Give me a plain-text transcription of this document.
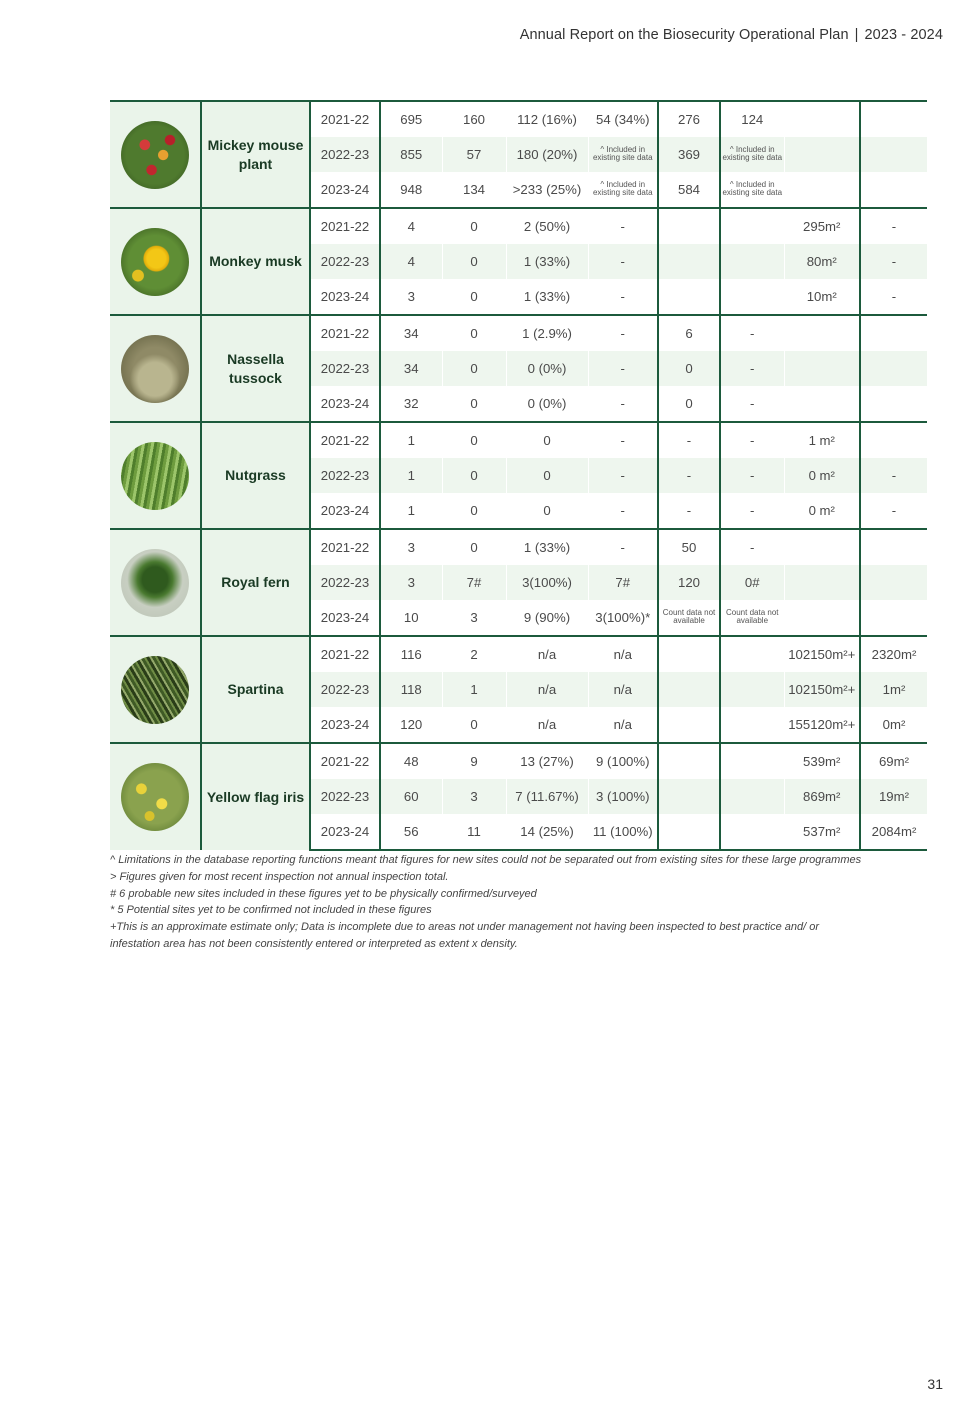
Annual Report on the Biosecurity Operational Plan | 2023 - 2024
	Mickey mouse plant	2021-22	695	160	112 (16%)	54 (34%)	276	124		
		2022-23	855	57	180 (20%)	^ Included in existing site data	369	^ Included in existing site data		
		2023-24	948	134	>233 (25%)	^ Included in existing site data	584	^ Included in existing site data		

	Monkey musk	2021-22	4	0	2 (50%)	-			295m²	-
		2022-23	4	0	1 (33%)	-			80m²	-
		2023-24	3	0	1 (33%)	-			10m²	-

	Nassella tussock	2021-22	34	0	1 (2.9%)	-	6	-		
		2022-23	34	0	0 (0%)	-	0	-		
		2023-24	32	0	0 (0%)	-	0	-		

	Nutgrass	2021-22	1	0	0	-	-	-	1 m²	
		2022-23	1	0	0	-	-	-	0 m²	-
		2023-24	1	0	0	-	-	-	0 m²	-

	Royal fern	2021-22	3	0	1 (33%)	-	50	-		
		2022-23	3	7#	3(100%)	7#	120	0#		
		2023-24	10	3	9 (90%)	3(100%)*	Count data not available	Count data not available		

	Spartina	2021-22	116	2	n/a	n/a			102150m²+	2320m²
		2022-23	118	1	n/a	n/a			102150m²+	1m²
		2023-24	120	0	n/a	n/a			155120m²+	0m²

	Yellow flag iris	2021-22	48	9	13 (27%)	9 (100%)			539m²	69m²
		2022-23	60	3	7 (11.67%)	3 (100%)			869m²	19m²
		2023-24	56	11	14 (25%)	11 (100%)			537m²	2084m²

^ Limitations in the database reporting functions meant that figures for new sites could not be separated out from existing sites for these large programmes

> Figures given for most recent inspection not annual inspection total.

# 6 probable new sites included in these figures yet to be physically confirmed/surveyed

* 5 Potential sites yet to be confirmed not included in these figures

+This is an approximate estimate only; Data is incomplete due to areas not under management not having been inspected to best practice and/ or infestation area has not been consistently entered or interpreted as extent x density.

31
